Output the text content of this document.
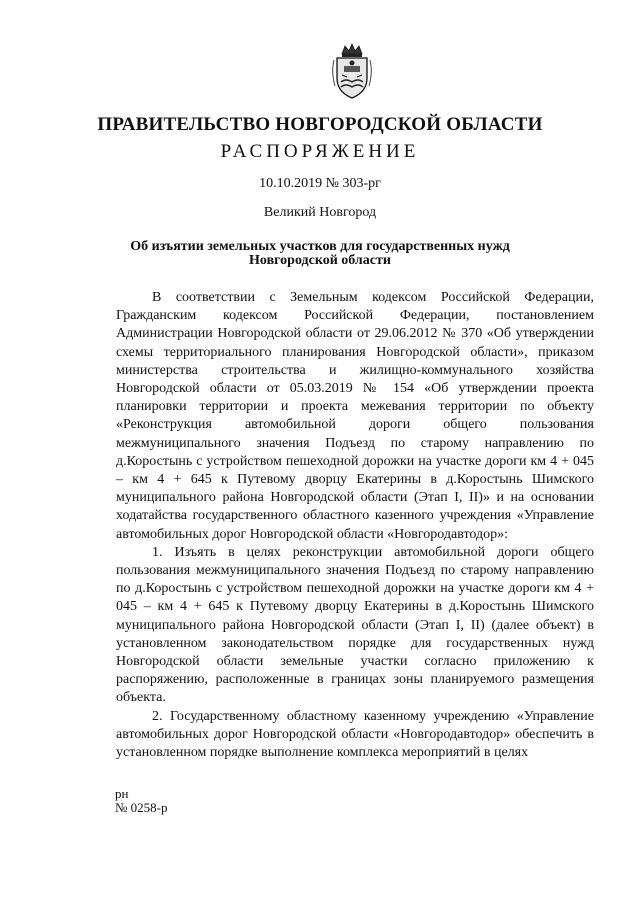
ПРАВИТЕЛЬСТВО НОВГОРОДСКОЙ ОБЛАСТИ
РАСПОРЯЖЕНИЕ
10.10.2019 № 303-рг
Великий Новгород
Об изъятии земельных участков для государственных нужд
Новгородской области

В соответствии с Земельным кодексом Российской Федерации, Гражданским кодексом Российской Федерации, постановлением Администрации Новгородской области от 29.06.2012 № 370 «Об утверждении схемы территориального планирования Новгородской области», приказом министерства строительства и жилищно-коммунального хозяйства Новгородской области от 05.03.2019 № 154 «Об утверждении проекта планировки территории и проекта межевания территории по объекту «Реконструкция автомобильной дороги общего пользования межмуниципального значения Подъезд по старому направлению по д.Коростынь с устройством пешеходной дорожки на участке дороги км 4 + 045 – км 4 + 645 к Путевому дворцу Екатерины в д.Коростынь Шимского муниципального района Новгородской области (Этап I, II)» и на основании ходатайства государственного областного казенного учреждения «Управление автомобильных дорог Новгородской области «Новгородавтодор»:

1. Изъять в целях реконструкции автомобильной дороги общего пользования межмуниципального значения Подъезд по старому направлению по д.Коростынь с устройством пешеходной дорожки на участке дороги км 4 + 045 – км 4 + 645 к Путевому дворцу Екатерины в д.Коростынь Шимского муниципального района Новгородской области (Этап I, II) (далее объект) в установленном законодательством порядке для государственных нужд Новгородской области земельные участки согласно приложению к распоряжению, расположенные в границах зоны планируемого размещения объекта.

2. Государственному областному казенному учреждению «Управление автомобильных дорог Новгородской области «Новгородавтодор» обеспечить в установленном порядке выполнение комплекса мероприятий в целях

рн
№ 0258-р
